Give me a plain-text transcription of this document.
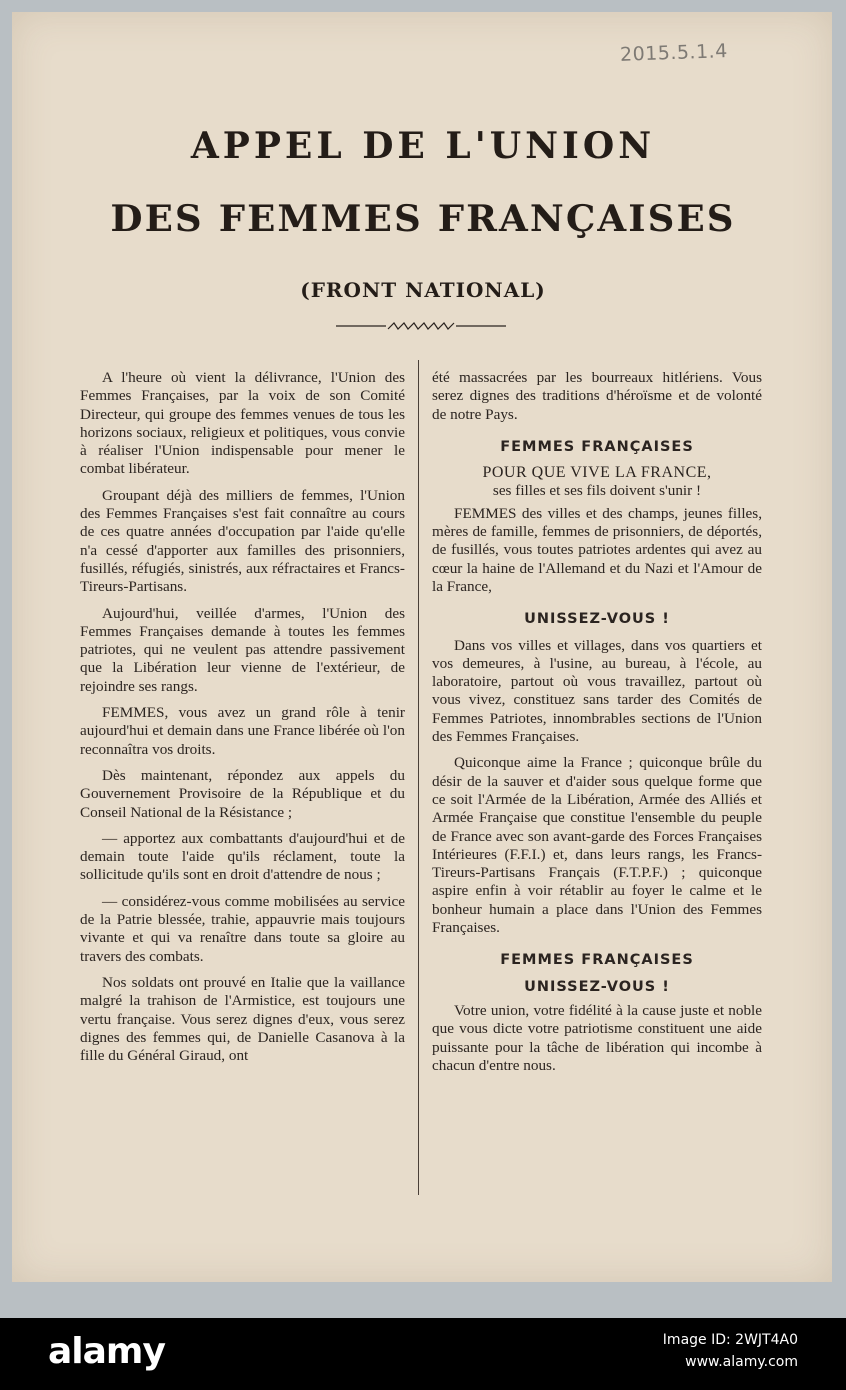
2015.5.1.4
APPEL DE L'UNION
DES FEMMES FRANÇAISES
(FRONT NATIONAL)

A l'heure où vient la délivrance, l'Union des Femmes Françaises, par la voix de son Comité Directeur, qui groupe des femmes venues de tous les horizons sociaux, religieux et politiques, vous convie à réaliser l'Union indispensable pour mener le combat libérateur.

Groupant déjà des milliers de femmes, l'Union des Femmes Françaises s'est fait connaître au cours de ces quatre années d'occupation par l'aide qu'elle n'a cessé d'apporter aux familles des prisonniers, fusillés, réfugiés, sinistrés, aux réfractaires et Francs-Tireurs-Partisans.

Aujourd'hui, veillée d'armes, l'Union des Femmes Françaises demande à toutes les femmes patriotes, qui ne veulent pas attendre passivement que la Libération leur vienne de l'extérieur, de rejoindre ses rangs.

FEMMES, vous avez un grand rôle à tenir aujourd'hui et demain dans une France libérée où l'on reconnaîtra vos droits.

Dès maintenant, répondez aux appels du Gouvernement Provisoire de la République et du Conseil National de la Résistance ;

— apportez aux combattants d'aujourd'hui et de demain toute l'aide qu'ils réclament, toute la sollicitude qu'ils sont en droit d'attendre de nous ;

— considérez-vous comme mobilisées au service de la Patrie blessée, trahie, appauvrie mais toujours vivante et qui va renaître dans toute sa gloire au travers des combats.

Nos soldats ont prouvé en Italie que la vaillance malgré la trahison de l'Armistice, est toujours une vertu française. Vous serez dignes d'eux, vous serez dignes des femmes qui, de Danielle Casanova à la fille du Général Giraud, ont

été massacrées par les bourreaux hitlériens. Vous serez dignes des traditions d'héroïsme et de volonté de notre Pays.

FEMMES FRANÇAISES

POUR QUE VIVE LA FRANCE,

ses filles et ses fils doivent s'unir !

FEMMES des villes et des champs, jeunes filles, mères de famille, femmes de prisonniers, de déportés, de fusillés, vous toutes patriotes ardentes qui avez au cœur la haine de l'Allemand et du Nazi et l'Amour de la France,

UNISSEZ-VOUS !

Dans vos villes et villages, dans vos quartiers et vos demeures, à l'usine, au bureau, à l'école, au laboratoire, partout où vous travaillez, partout où vous vivez, constituez sans tarder des Comités de Femmes Patriotes, innombrables sections de l'Union des Femmes Françaises.

Quiconque aime la France ; quiconque brûle du désir de la sauver et d'aider sous quelque forme que ce soit l'Armée de la Libération, Armée des Alliés et Armée Française que constitue l'ensemble du peuple de France avec son avant-garde des Forces Françaises Intérieures (F.F.I.) et, dans leurs rangs, les Francs-Tireurs-Partisans Français (F.T.P.F.) ; quiconque aspire enfin à voir rétablir au foyer le calme et le bonheur humain a place dans l'Union des Femmes Françaises.

FEMMES FRANÇAISES
UNISSEZ-VOUS !

Votre union, votre fidélité à la cause juste et noble que vous dicte votre patriotisme constituent une aide puissante pour la tâche de libération qui incombe à chacun d'entre nous.

alamy	Image ID: 2WJT4A0
www.alamy.com
